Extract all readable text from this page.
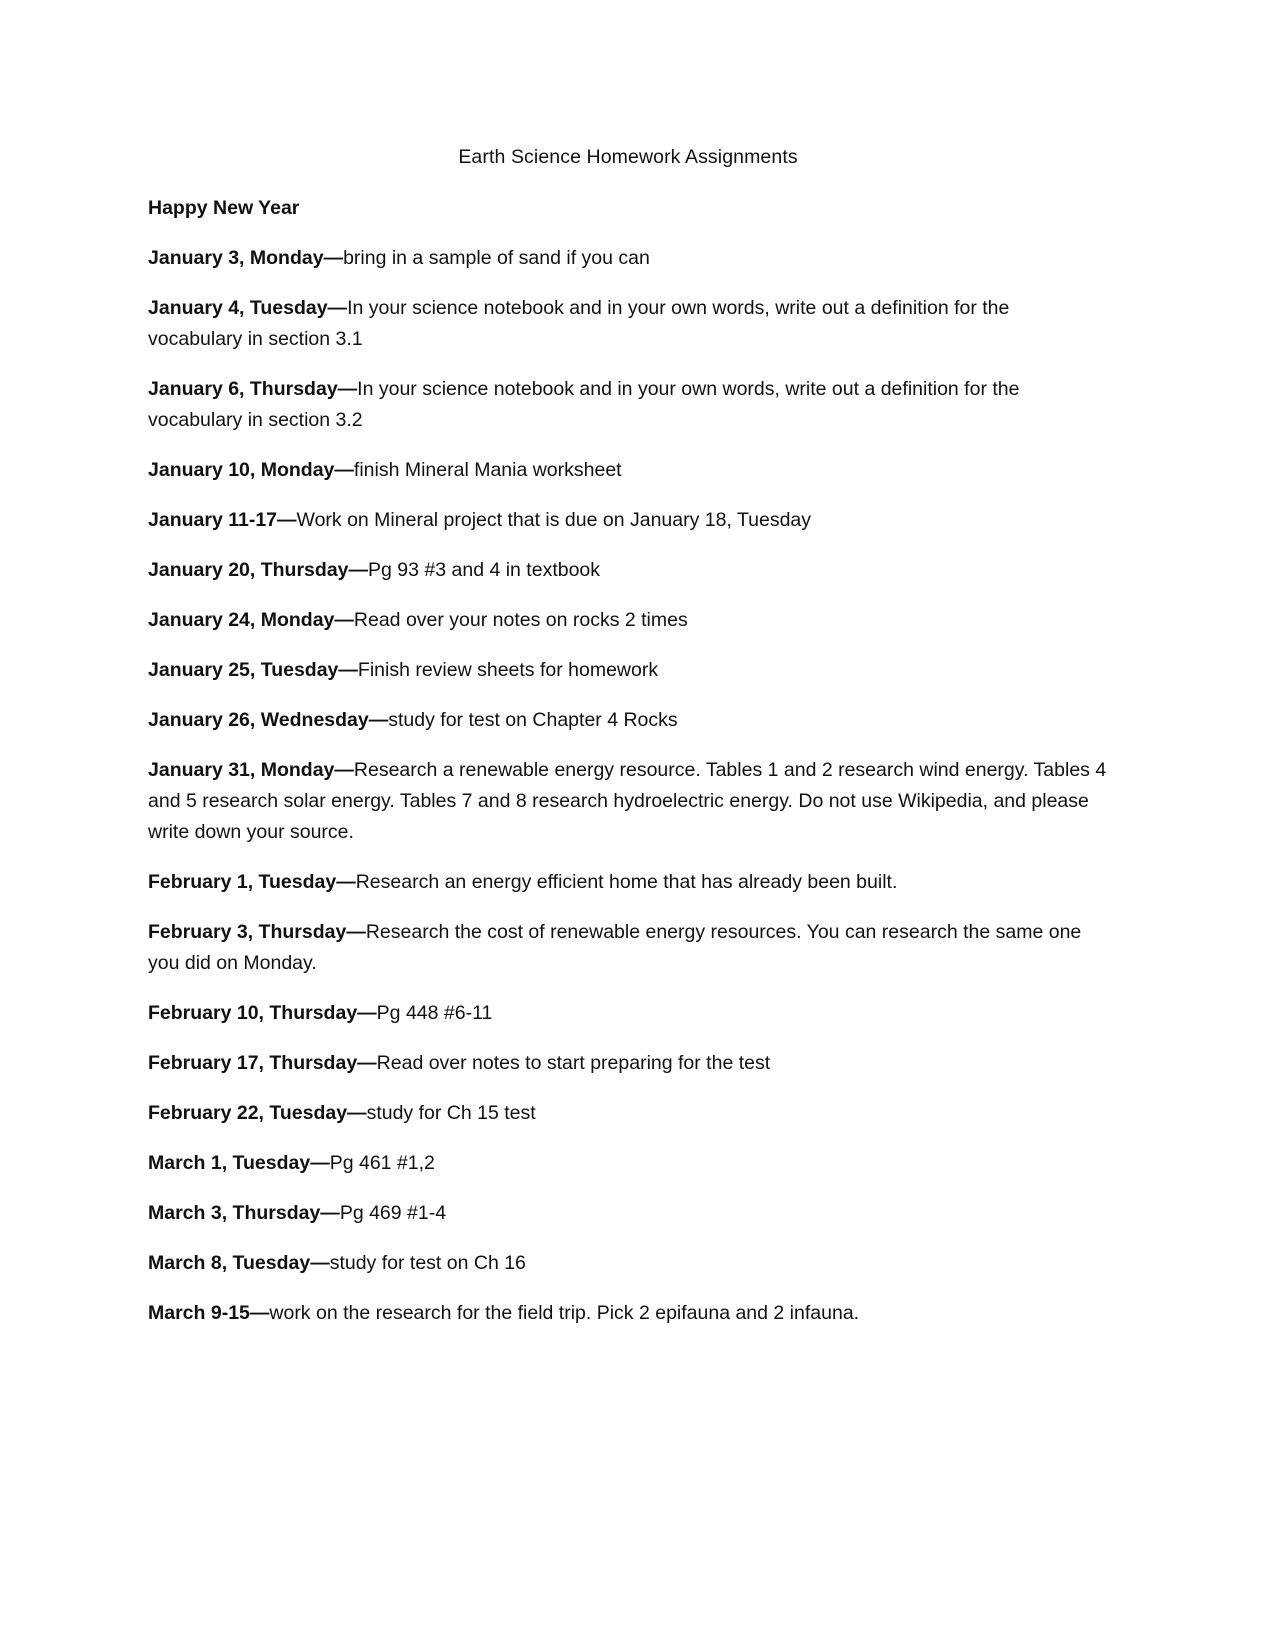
Earth Science Homework Assignments
Happy New Year
January 3, Monday—bring in a sample of sand if you can
January 4, Tuesday—In your science notebook and in your own words, write out a definition for the vocabulary in section 3.1
January 6, Thursday—In your science notebook and in your own words, write out a definition for the vocabulary in section 3.2
January 10, Monday—finish Mineral Mania worksheet
January 11-17—Work on Mineral project that is due on January 18, Tuesday
January 20, Thursday—Pg 93 #3 and 4 in textbook
January 24, Monday—Read over your notes on rocks 2 times
January 25, Tuesday—Finish review sheets for homework
January 26, Wednesday—study for test on Chapter 4 Rocks
January 31, Monday—Research a renewable energy resource. Tables 1 and 2 research wind energy. Tables 4 and 5 research solar energy. Tables 7 and 8 research hydroelectric energy. Do not use Wikipedia, and please write down your source.
February 1, Tuesday—Research an energy efficient home that has already been built.
February 3, Thursday—Research the cost of renewable energy resources. You can research the same one you did on Monday.
February 10, Thursday—Pg 448 #6-11
February 17, Thursday—Read over notes to start preparing for the test
February 22, Tuesday—study for Ch 15 test
March 1, Tuesday—Pg 461 #1,2
March 3, Thursday—Pg 469 #1-4
March 8, Tuesday—study for test on Ch 16
March 9-15—work on the research for the field trip. Pick 2 epifauna and 2 infauna.
